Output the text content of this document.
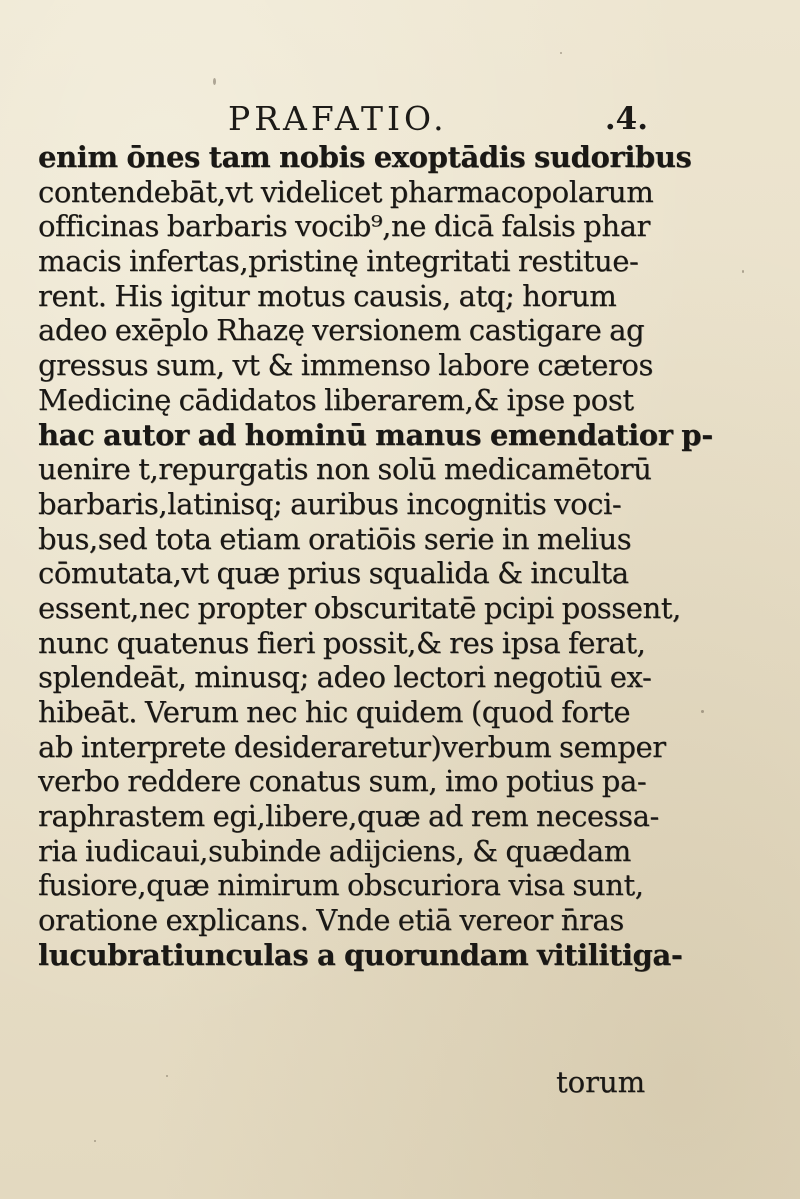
PRAFATIO.	.4.
enim ōnes tam nobis exoptādis sudoribus
contendebāt,vt videlicet pharmacopolarum
officinas barbaris vocib⁹,ne dicā falsis phar
macis infertas,pristinę integritati restitue-
rent. His igitur motus causis, atq; horum
adeo exēplo Rhazę versionem castigare ag
gressus sum, vt & immenso labore cæteros
Medicinę cādidatos liberarem,& ipse post
hac autor ad hominū manus emendatior p-
uenire t,repurgatis non solū medicamētorū
barbaris,latinisq; auribus incognitis voci-
bus,sed tota etiam oratiōis serie in melius
cōmutata,vt quæ prius squalida & inculta
essent,nec propter obscuritatē pcipi possent,
nunc quatenus fieri possit,& res ipsa ferat,
splendeāt, minusq; adeo lectori negotiū ex-
hibeāt. Verum nec hic quidem (quod forte
ab interprete desideraretur)verbum semper
verbo reddere conatus sum, imo potius pa-
raphrastem egi,libere,quæ ad rem necessa-
ria iudicaui,subinde adijciens, & quædam
fusiore,quæ nimirum obscuriora visa sunt,
oratione explicans. Vnde etiā vereor n̄ras
lucubratiunculas a quorundam vitilitiga-
torum
